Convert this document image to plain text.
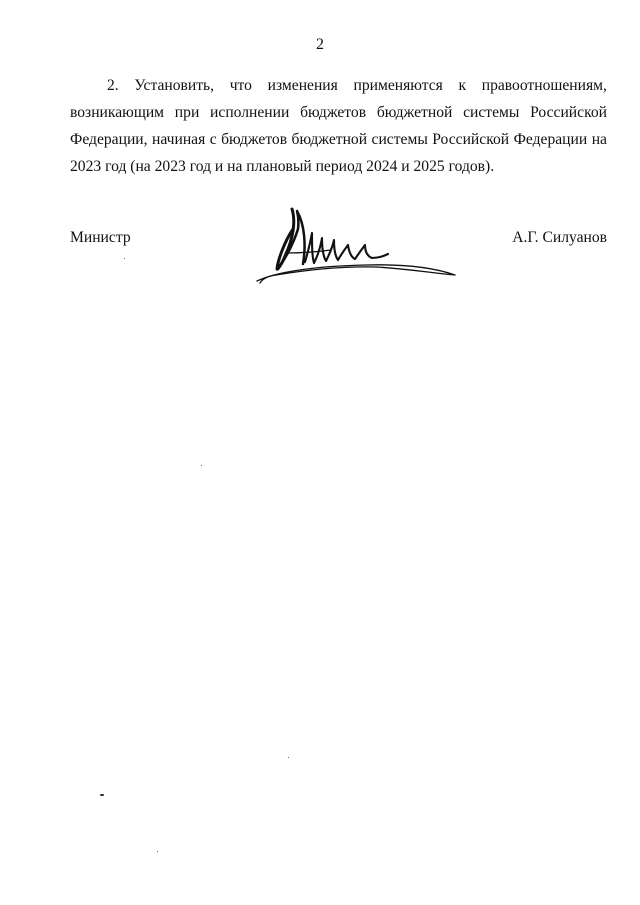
2
2. Установить, что изменения применяются к правоотношениям,
возникающим при исполнении бюджетов бюджетной системы Российской
Федерации, начиная с бюджетов бюджетной системы Российской Федерации на
2023 год (на 2023 год и на плановый период 2024 и 2025 годов).
Министр	А.Г. Силуанов
